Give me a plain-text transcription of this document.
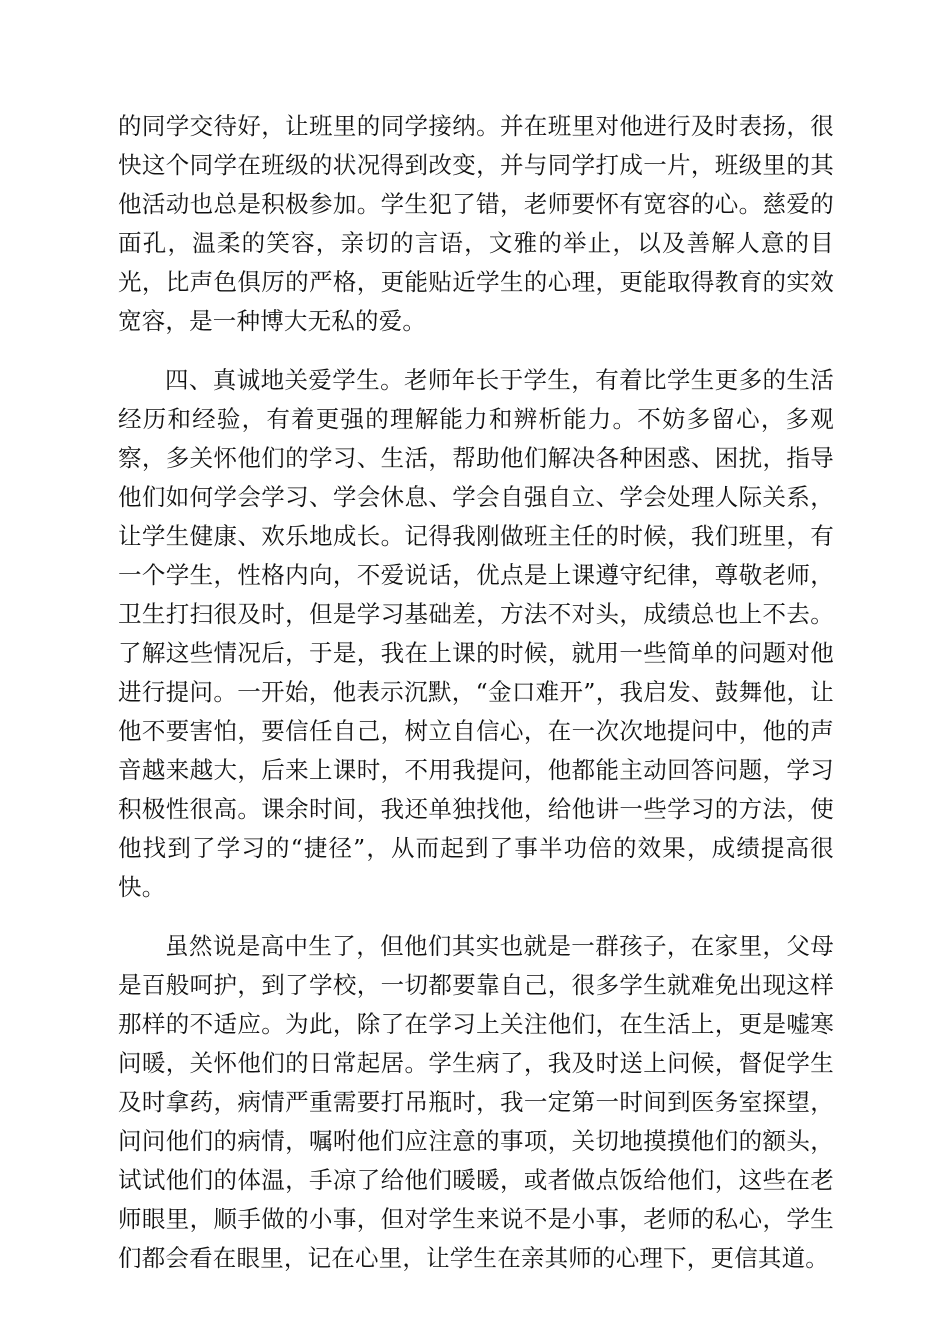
的同学交待好，让班里的同学接纳。并在班里对他进行及时表扬，很快这个同学在班级的状况得到改变，并与同学打成一片，班级里的其他活动也总是积极参加。学生犯了错，老师要怀有宽容的心。慈爱的面孔，温柔的笑容，亲切的言语，文雅的举止，以及善解人意的目光，比声色俱厉的严格，更能贴近学生的心理，更能取得教育的实效宽容，是一种博大无私的爱。

四、真诚地关爱学生。老师年长于学生，有着比学生更多的生活经历和经验，有着更强的理解能力和辨析能力。不妨多留心，多观察，多关怀他们的学习、生活，帮助他们解决各种困惑、困扰，指导他们如何学会学习、学会休息、学会自强自立、学会处理人际关系，让学生健康、欢乐地成长。记得我刚做班主任的时候，我们班里，有一个学生，性格内向，不爱说话，优点是上课遵守纪律，尊敬老师，卫生打扫很及时，但是学习基础差，方法不对头，成绩总也上不去。了解这些情况后，于是，我在上课的时候，就用一些简单的问题对他进行提问。一开始，他表示沉默，“金口难开”，我启发、鼓舞他，让他不要害怕，要信任自己，树立自信心，在一次次地提问中，他的声音越来越大，后来上课时，不用我提问，他都能主动回答问题，学习积极性很高。课余时间，我还单独找他，给他讲一些学习的方法，使他找到了学习的“捷径”，从而起到了事半功倍的效果，成绩提高很快。

虽然说是高中生了，但他们其实也就是一群孩子，在家里，父母是百般呵护，到了学校，一切都要靠自己，很多学生就难免出现这样那样的不适应。为此，除了在学习上关注他们，在生活上，更是嘘寒问暖，关怀他们的日常起居。学生病了，我及时送上问候，督促学生及时拿药，病情严重需要打吊瓶时，我一定第一时间到医务室探望，问问他们的病情，嘱咐他们应注意的事项，关切地摸摸他们的额头，试试他们的体温，手凉了给他们暖暖，或者做点饭给他们，这些在老师眼里，顺手做的小事，但对学生来说不是小事，老师的私心，学生们都会看在眼里，记在心里，让学生在亲其师的心理下，更信其道。
